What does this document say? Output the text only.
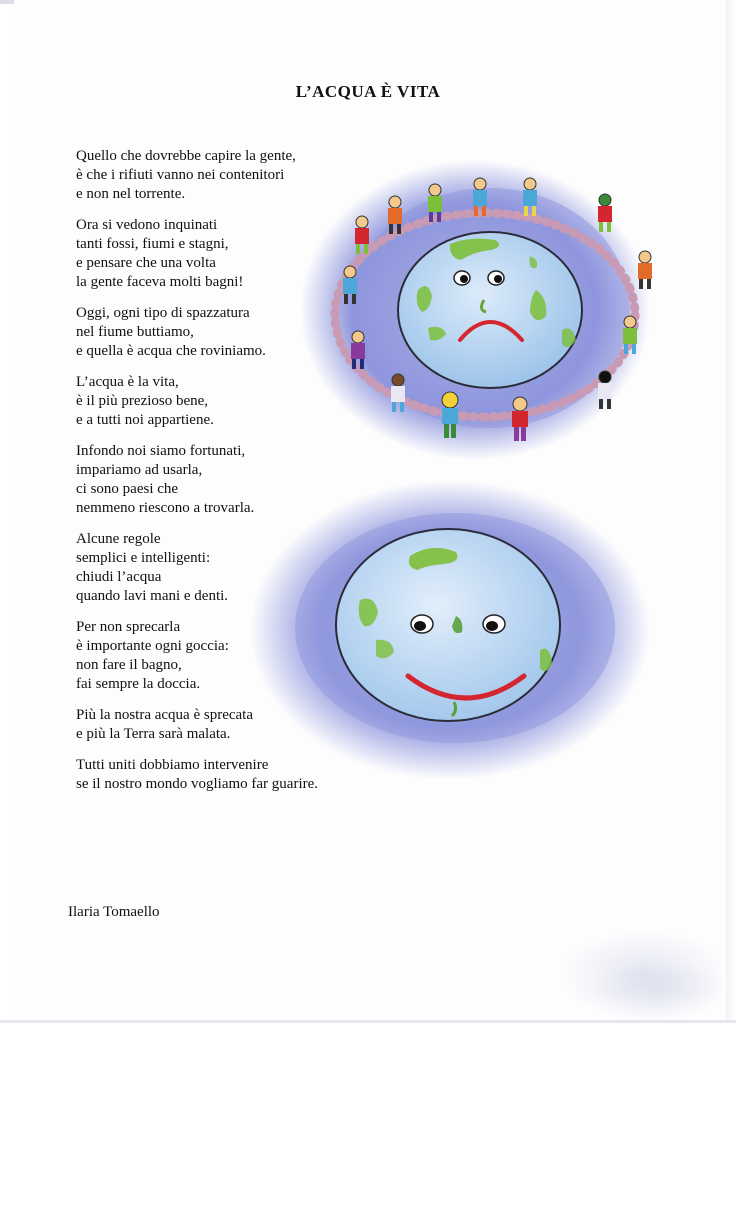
L’ACQUA È VITA
Quello che dovrebbe capire la gente,
è che i rifiuti vanno nei contenitori
e non nel torrente.
Ora si vedono inquinati
tanti fossi, fiumi e stagni,
e pensare che una volta
la gente faceva molti bagni!
Oggi, ogni tipo di spazzatura
nel fiume buttiamo,
e quella è acqua che roviniamo.
L’acqua è la vita,
è il più prezioso bene,
e a tutti noi appartiene.
Infondo noi siamo fortunati,
impariamo ad usarla,
ci sono paesi che
nemmeno riescono a trovarla.
Alcune regole
semplici e intelligenti:
chiudi l’acqua
quando lavi mani e denti.
Per non sprecarla
è importante ogni goccia:
non fare il bagno,
fai sempre la doccia.
Più la nostra acqua è sprecata
e più la Terra sarà malata.
Tutti uniti dobbiamo intervenire
se il nostro mondo vogliamo far guarire.
Ilaria Tomaello
